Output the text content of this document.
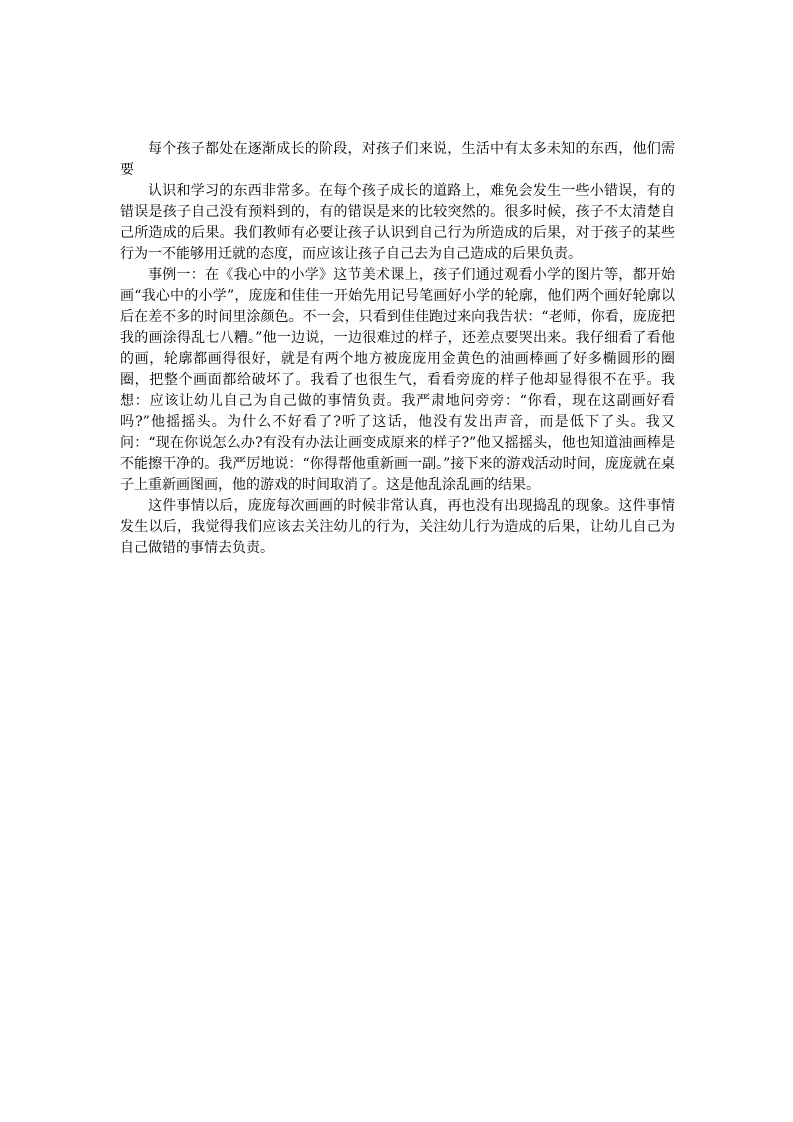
每个孩子都处在逐渐成长的阶段，对孩子们来说，生活中有太多未知的东西，他们需要

认识和学习的东西非常多。在每个孩子成长的道路上，难免会发生一些小错误，有的错误是孩子自己没有预料到的，有的错误是来的比较突然的。很多时候，孩子不太清楚自己所造成的后果。我们教师有必要让孩子认识到自己行为所造成的后果，对于孩子的某些行为一不能够用迁就的态度，而应该让孩子自己去为自己造成的后果负责。

事例一：在《我心中的小学》这节美术课上，孩子们通过观看小学的图片等，都开始画“我心中的小学”，庞庞和佳佳一开始先用记号笔画好小学的轮廓，他们两个画好轮廓以后在差不多的时间里涂颜色。不一会，只看到佳佳跑过来向我告状：“老师，你看，庞庞把我的画涂得乱七八糟。”他一边说，一边很难过的样子，还差点要哭出来。我仔细看了看他的画，轮廓都画得很好，就是有两个地方被庞庞用金黄色的油画棒画了好多椭圆形的圈圈，把整个画面都给破坏了。我看了也很生气，看看旁庞的样子他却显得很不在乎。我想：应该让幼儿自己为自己做的事情负责。我严肃地问旁旁：“你看，现在这副画好看吗?”他摇摇头。为什么不好看了?听了这话，他没有发出声音，而是低下了头。我又问：“现在你说怎么办?有没有办法让画变成原来的样子?”他又摇摇头，他也知道油画棒是不能擦干净的。我严厉地说：“你得帮他重新画一副。”接下来的游戏活动时间，庞庞就在桌子上重新画图画，他的游戏的时间取消了。这是他乱涂乱画的结果。

这件事情以后，庞庞每次画画的时候非常认真，再也没有出现捣乱的现象。这件事情发生以后，我觉得我们应该去关注幼儿的行为，关注幼儿行为造成的后果，让幼儿自己为自己做错的事情去负责。
